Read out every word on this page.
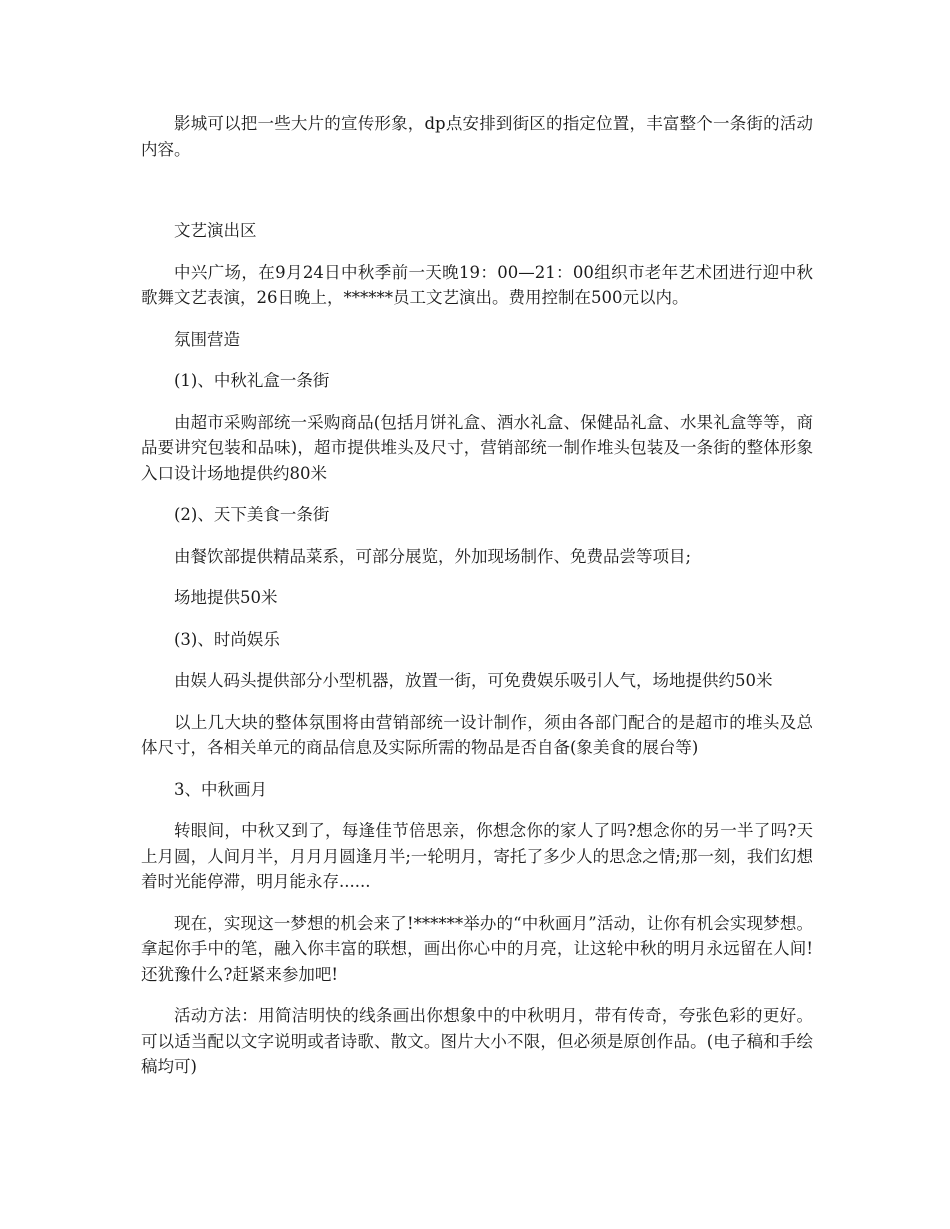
影城可以把一些大片的宣传形象，dp点安排到街区的指定位置，丰富整个一条街的活动内容。

文艺演出区

中兴广场，在9月24日中秋季前一天晚19：00—21：00组织市老年艺术团进行迎中秋歌舞文艺表演，26日晚上，******员工文艺演出。费用控制在500元以内。

氛围营造

(1)、中秋礼盒一条街

由超市采购部统一采购商品(包括月饼礼盒、酒水礼盒、保健品礼盒、水果礼盒等等，商品要讲究包装和品味)，超市提供堆头及尺寸，营销部统一制作堆头包装及一条街的整体形象入口设计场地提供约80米

(2)、天下美食一条街

由餐饮部提供精品菜系，可部分展览，外加现场制作、免费品尝等项目;

场地提供50米

(3)、时尚娱乐

由娱人码头提供部分小型机器，放置一街，可免费娱乐吸引人气，场地提供约50米

以上几大块的整体氛围将由营销部统一设计制作，须由各部门配合的是超市的堆头及总体尺寸，各相关单元的商品信息及实际所需的物品是否自备(象美食的展台等)

3、中秋画月

转眼间，中秋又到了，每逢佳节倍思亲，你想念你的家人了吗?想念你的另一半了吗?天上月圆，人间月半，月月月圆逢月半;一轮明月，寄托了多少人的思念之情;那一刻，我们幻想着时光能停滞，明月能永存......

现在，实现这一梦想的机会来了!******举办的“中秋画月”活动，让你有机会实现梦想。拿起你手中的笔，融入你丰富的联想，画出你心中的月亮，让这轮中秋的明月永远留在人间!还犹豫什么?赶紧来参加吧!

活动方法：用简洁明快的线条画出你想象中的中秋明月，带有传奇，夸张色彩的更好。可以适当配以文字说明或者诗歌、散文。图片大小不限，但必须是原创作品。(电子稿和手绘稿均可)
